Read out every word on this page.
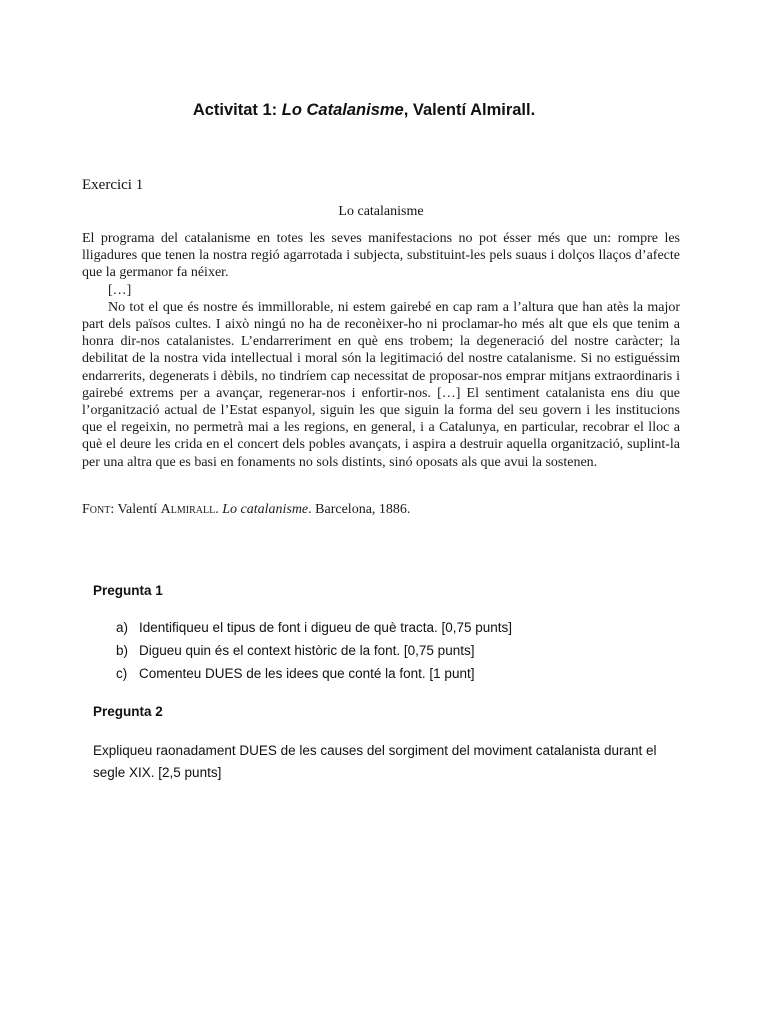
Activitat 1: Lo Catalanisme, Valentí Almirall.
Exercici 1
Lo catalanisme

El programa del catalanisme en totes les seves manifestacions no pot ésser més que un: rompre les lligadures que tenen la nostra regió agarrotada i subjecta, substituint-les pels suaus i dolços llaços d’afecte que la germanor fa néixer.

[…]

No tot el que és nostre és immillorable, ni estem gairebé en cap ram a l’altura que han atès la major part dels països cultes. I això ningú no ha de reconèixer-ho ni proclamar-ho més alt que els que tenim a honra dir-nos catalanistes. L’endarreriment en què ens trobem; la degeneració del nostre caràcter; la debilitat de la nostra vida intellectual i moral són la legitimació del nostre catalanisme. Si no estiguéssim endarrerits, degenerats i dèbils, no tindríem cap necessitat de proposar-nos emprar mitjans extraordinaris i gairebé extrems per a avançar, regenerar-nos i enfortir-nos. […] El sentiment catalanista ens diu que l’organització actual de l’Estat espanyol, siguin les que siguin la forma del seu govern i les institucions que el regeixin, no permetrà mai a les regions, en general, i a Catalunya, en particular, recobrar el lloc a què el deure les crida en el concert dels pobles avançats, i aspira a destruir aquella organització, suplint-la per una altra que es basi en fonaments no sols distints, sinó oposats als que avui la sostenen.

Font: Valentí Almirall. Lo catalanisme. Barcelona, 1886.
Pregunta 1
a) Identifiqueu el tipus de font i digueu de què tracta. [0,75 punts]
b) Digueu quin és el context històric de la font. [0,75 punts]
c) Comenteu DUES de les idees que conté la font. [1 punt]
Pregunta 2
Expliqueu raonadament DUES de les causes del sorgiment del moviment catalanista durant el segle XIX. [2,5 punts]
